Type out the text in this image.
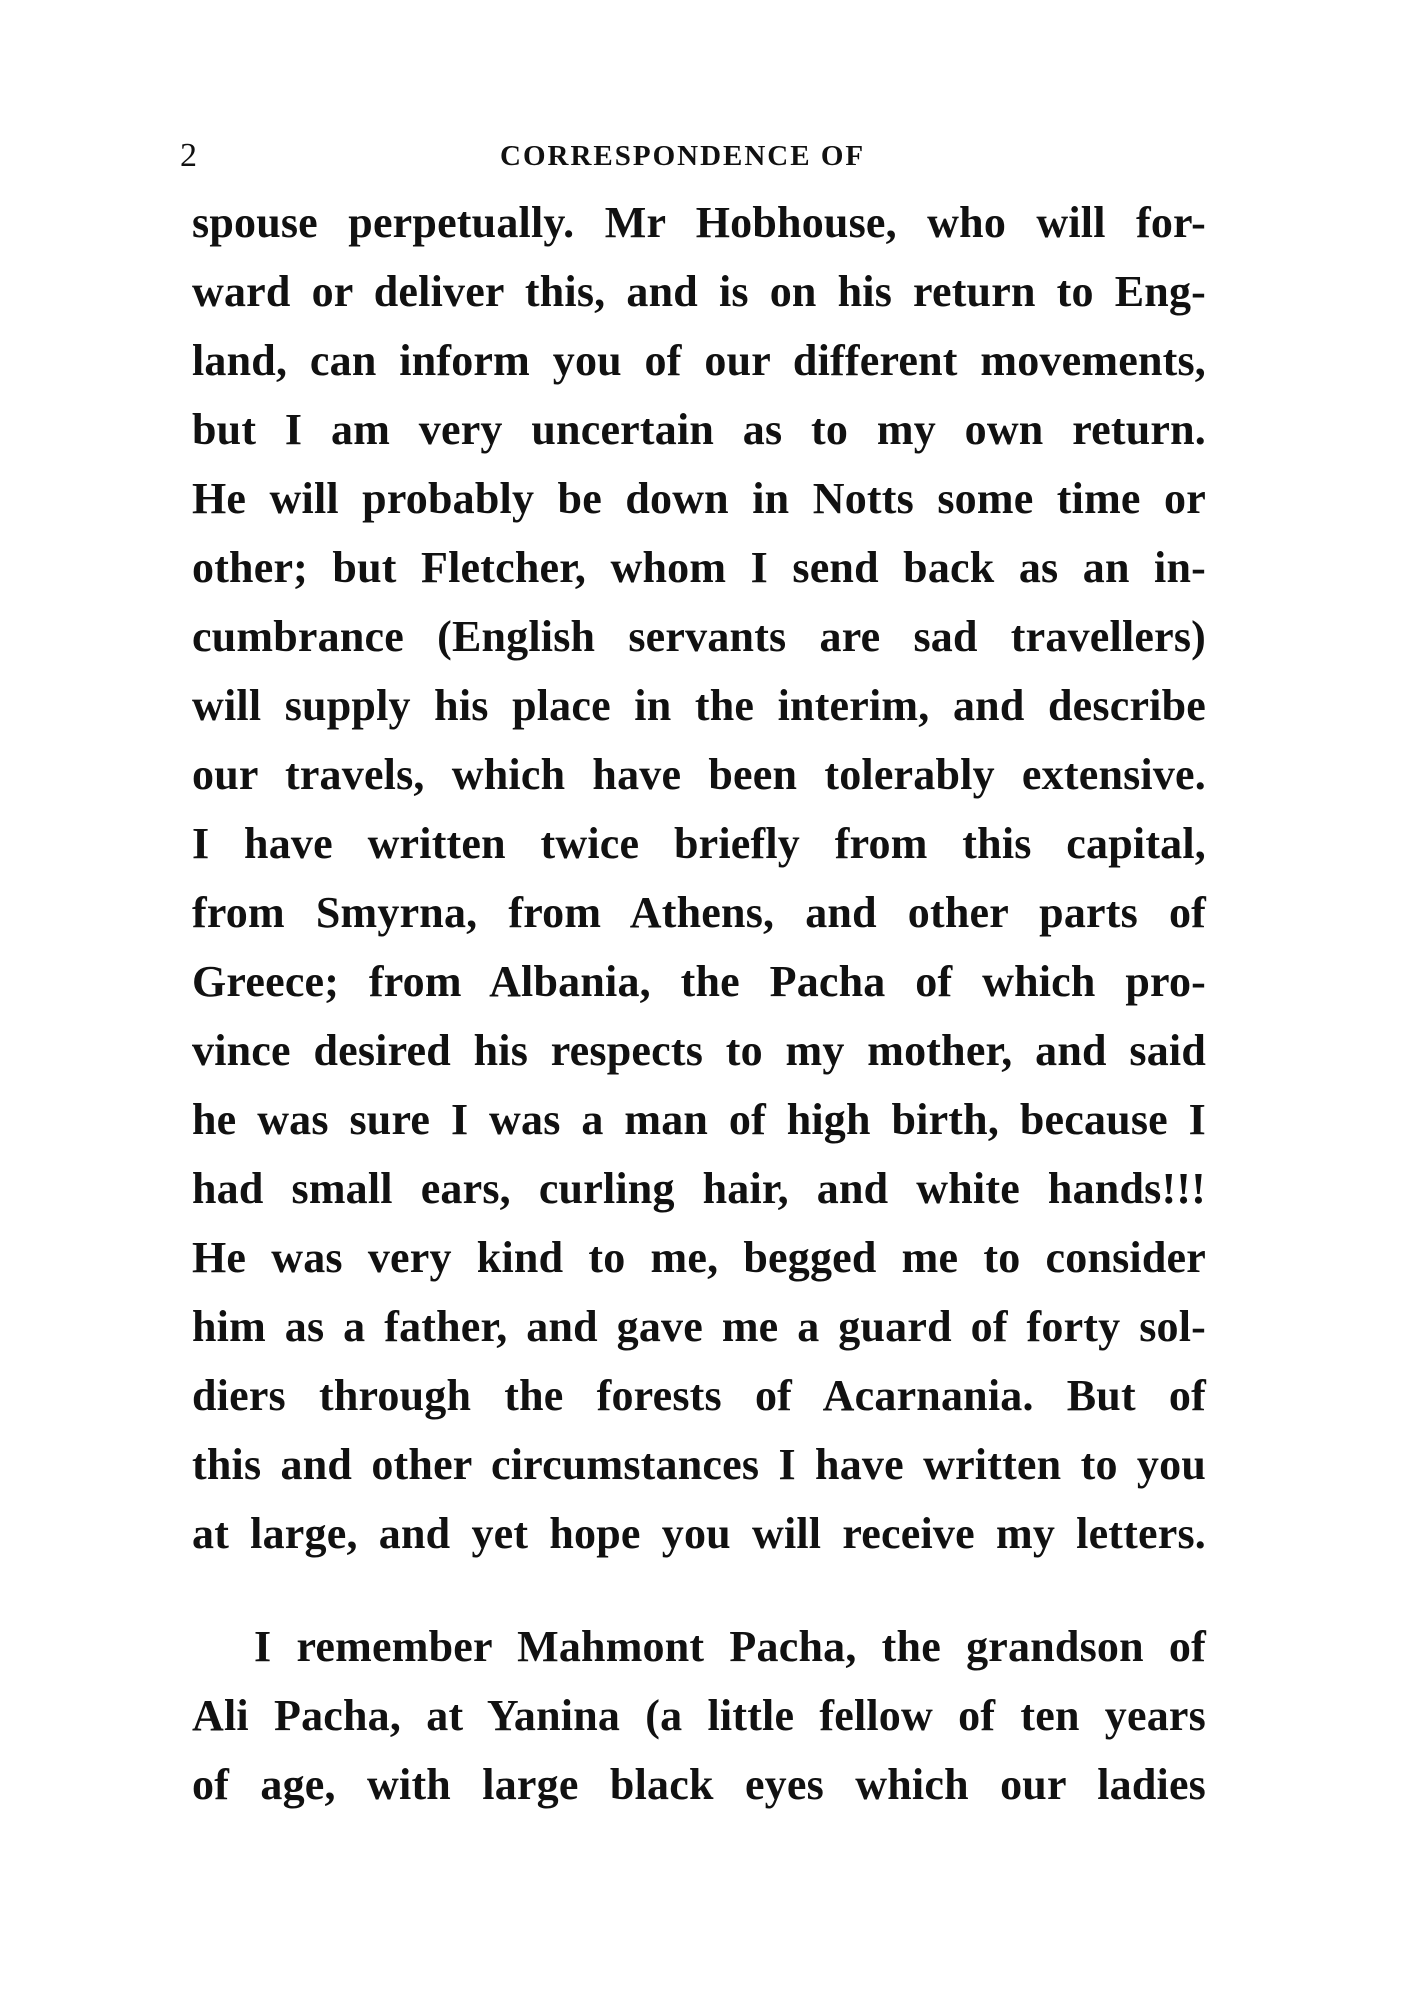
2	CORRESPONDENCE OF
spouse perpetually. Mr Hobhouse, who will for-
ward or deliver this, and is on his return to Eng-
land, can inform you of our different movements,
but I am very uncertain as to my own return.
He will probably be down in Notts some time or
other; but Fletcher, whom I send back as an in-
cumbrance (English servants are sad travellers)
will supply his place in the interim, and describe
our travels, which have been tolerably extensive.
I have written twice briefly from this capital,
from Smyrna, from Athens, and other parts of
Greece; from Albania, the Pacha of which pro-
vince desired his respects to my mother, and said
he was sure I was a man of high birth, because I
had small ears, curling hair, and white hands!!!
He was very kind to me, begged me to consider
him as a father, and gave me a guard of forty sol-
diers through the forests of Acarnania. But of
this and other circumstances I have written to you
at large, and yet hope you will receive my letters.
I remember Mahmont Pacha, the grandson of
Ali Pacha, at Yanina (a little fellow of ten years
of age, with large black eyes which our ladies
